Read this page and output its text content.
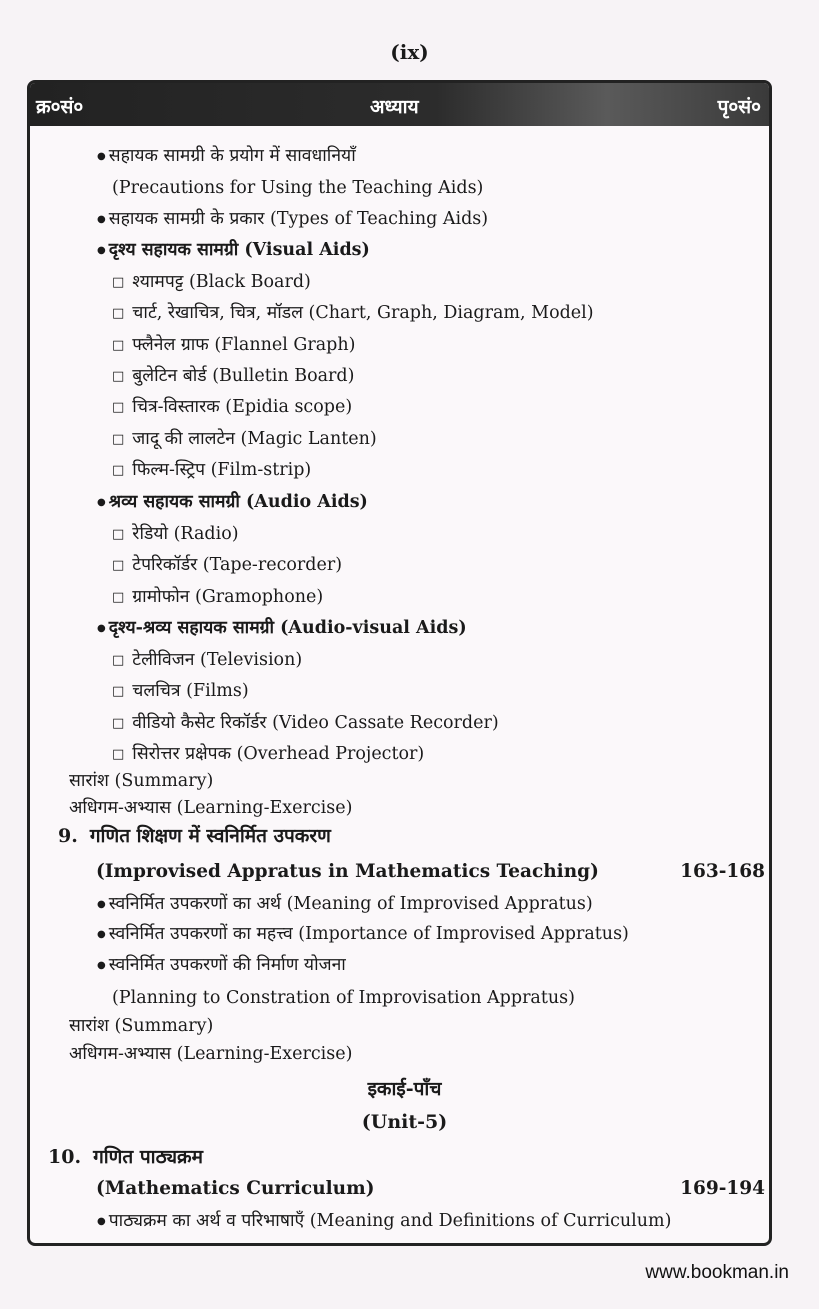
(ix)
क्र०सं०	अध्याय	पृ०सं०
● सहायक सामग्री के प्रयोग में सावधानियाँ
(Precautions for Using the Teaching Aids)
● सहायक सामग्री के प्रकार (Types of Teaching Aids)
● दृश्य सहायक सामग्री (Visual Aids)
□ श्यामपट्ट (Black Board)
□ चार्ट, रेखाचित्र, चित्र, मॉडल (Chart, Graph, Diagram, Model)
□ फ्लैनेल ग्राफ (Flannel Graph)
□ बुलेटिन बोर्ड (Bulletin Board)
□ चित्र-विस्तारक (Epidia scope)
□ जादू की लालटेन (Magic Lanten)
□ फिल्म-स्ट्रिप (Film-strip)
● श्रव्य सहायक सामग्री (Audio Aids)
□ रेडियो (Radio)
□ टेपरिकॉर्डर (Tape-recorder)
□ ग्रामोफोन (Gramophone)
● दृश्य-श्रव्य सहायक सामग्री (Audio-visual Aids)
□ टेलीविजन (Television)
□ चलचित्र (Films)
□ वीडियो कैसेट रिकॉर्डर (Video Cassate Recorder)
□ सिरोत्तर प्रक्षेपक (Overhead Projector)
सारांश (Summary)
अधिगम-अभ्यास (Learning-Exercise)
9. गणित शिक्षण में स्वनिर्मित उपकरण
(Improvised Appratus in Mathematics Teaching)	163-168
● स्वनिर्मित उपकरणों का अर्थ (Meaning of Improvised Appratus)
● स्वनिर्मित उपकरणों का महत्त्व (Importance of Improvised Appratus)
● स्वनिर्मित उपकरणों की निर्माण योजना
(Planning to Constration of Improvisation Appratus)
सारांश (Summary)
अधिगम-अभ्यास (Learning-Exercise)
इकाई-पाँच
(Unit-5)
10. गणित पाठ्यक्रम
(Mathematics Curriculum)	169-194
● पाठ्यक्रम का अर्थ व परिभाषाएँ (Meaning and Definitions of Curriculum)
www.bookman.in
